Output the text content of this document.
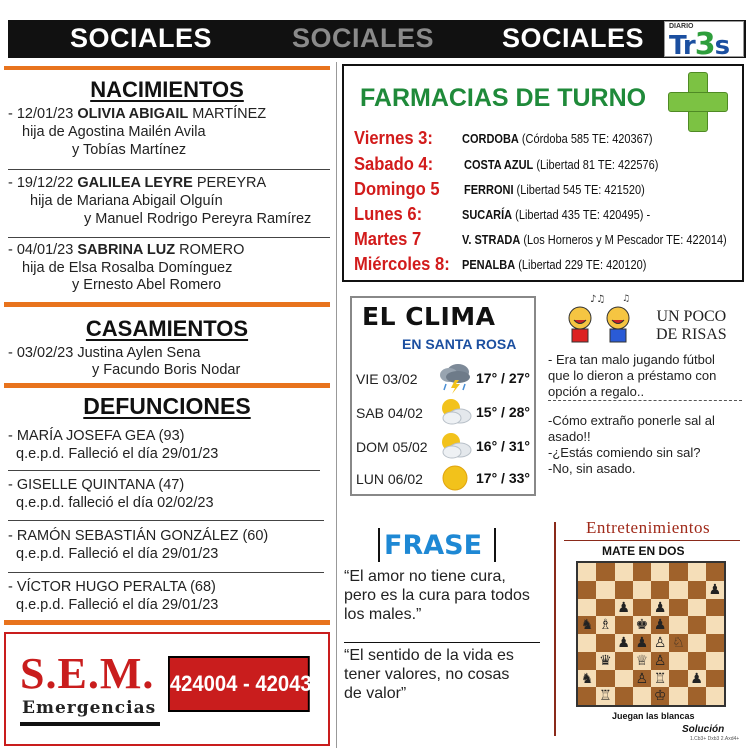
SOCIALES	SOCIALES	SOCIALES	DIARIO
Tr3s
NACIMIENTOS
- 12/01/23 OLIVIA ABIGAIL MARTÍNEZ
hija de Agostina Mailén Avila
y Tobías Martínez
- 19/12/22 GALILEA LEYRE PEREYRA
hija de Mariana Abigail Olguín
y Manuel Rodrigo Pereyra Ramírez
- 04/01/23 SABRINA LUZ ROMERO
hija de Elsa Rosalba Domínguez
y Ernesto Abel Romero
CASAMIENTOS
- 03/02/23 Justina Aylen Sena
y Facundo Boris Nodar
DEFUNCIONES
- MARÍA JOSEFA GEA (93)
q.e.p.d. Falleció el día 29/01/23
- GISELLE QUINTANA (47)
q.e.p.d. falleció el día 02/02/23
- RAMÓN SEBASTIÁN GONZÁLEZ (60)
q.e.p.d. Falleció el día 29/01/23
- VÍCTOR HUGO PERALTA (68)
q.e.p.d. Falleció el día 29/01/23
S.E.M.
Emergencias
424004 - 420434
FARMACIAS DE TURNO
Viernes 3: CORDOBA (Córdoba 585 TE: 420367)
Sabado 4: COSTA AZUL (Libertad 81 TE: 422576)
Domingo 5 FERRONI (Libertad 545 TE: 421520)
Lunes 6:	SUCARÍA (Libertad 435 TE: 420495) -
Martes 7	V. STRADA (Los Horneros y M Pescador TE: 422014)
Miércoles 8: PENALBA (Libertad 229 TE: 420120)
EL CLIMA
EN SANTA ROSA
VIE 03/02	17° / 27°
SAB 04/02	15° / 28°
DOM 05/02	16° / 31°
LUN 06/02	17° / 33°
♪♫ ♫
UN POCO
DE RISAS
- Era tan malo jugando fútbol
que lo dieron a préstamo con
opción a regalo..
-Cómo extraño ponerle sal al
asado!!
-¿Estás comiendo sin sal?
-No, sin asado.
FRASE
“El amor no tiene cura,
pero es la cura para todos
los males.”
“El sentido de la vida es
tener valores, no cosas
de valor”
Entretenimientos
MATE EN DOS
♟
♟ ♟
♞ ♗ ♚ ♟
♟ ♟ ♙ ♘
♛ ♕ ♙
♞	♙ ♖ ♟
♖	♔
Juegan las blancas
Solución
1.Cb3+ Dxb3 2.Axd4+
